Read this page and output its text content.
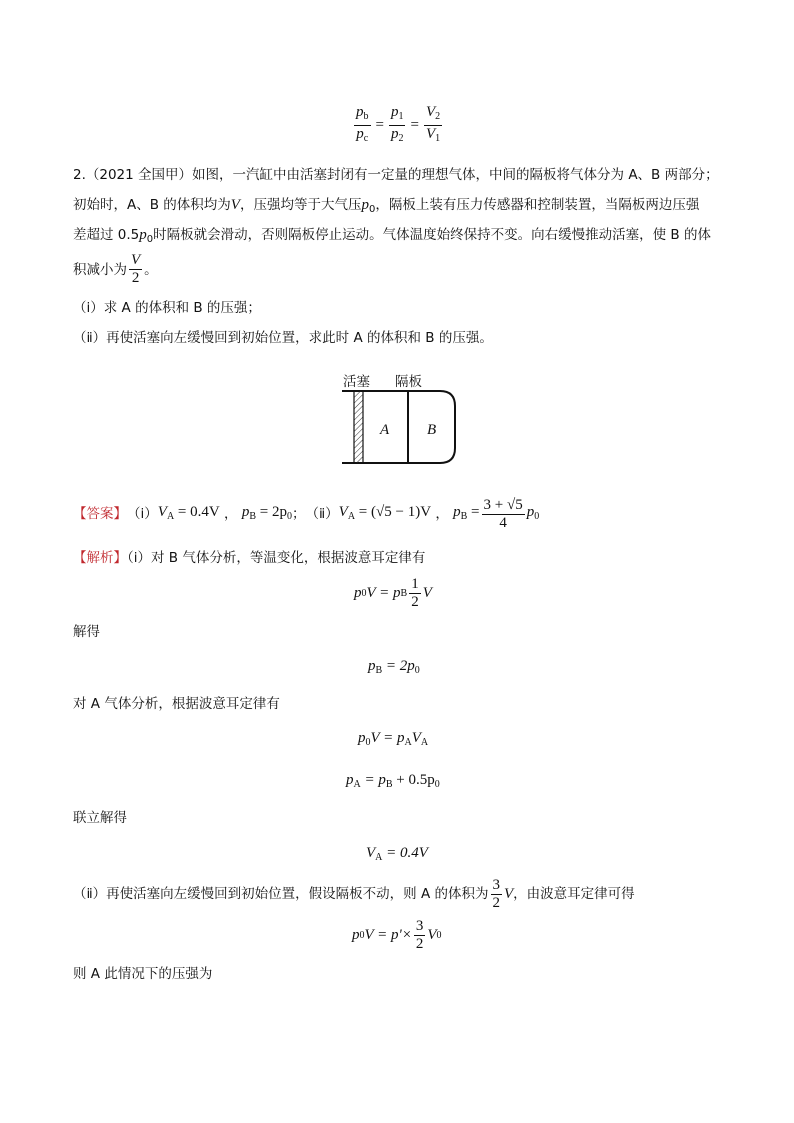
$\frac{p_b}{p_c} = \frac{p_1}{p_2} = \frac{V_2}{V_1}$
2.（2021 全国甲）如图，一汽缸中由活塞封闭有一定量的理想气体，中间的隔板将气体分为 A、B 两部分；
初始时，A、B 的体积均为V，压强均等于大气压$p_0$，隔板上装有压力传感器和控制装置，当隔板两边压强
差超过 $0.5p_0$时隔板就会滑动，否则隔板停止运动。气体温度始终保持不变。向右缓慢推动活塞，使 B 的体
积减小为 $\frac{V}{2}$ 。
（i）求 A 的体积和 B 的压强；
（ⅱ）再使活塞向左缓慢回到初始位置，求此时 A 的体积和 B 的压强。
活塞 隔板
A	B
【答案】 （i） $V_A = 0.4V$ ， $p_B = 2p_0$ ； （ⅱ） $V_A = (√5 - 1)V$ ， $p_B = \frac{3 + √5}{4} p_0$
【解析】（i）对 B 气体分析，等温变化，根据波意耳定律有
p 0 V = p B $\frac{1}{2}$ V
解得
$p_B = 2p_0$
对 A 气体分析，根据波意耳定律有
$p_0V = p_AV_A$
$p_A = p_B + 0.5p_0$
联立解得
$V_A = 0.4V$
（ⅱ）再使活塞向左缓慢回到初始位置，假设隔板不动，则 A 的体积为 $\frac{3}{2}$ V ，由波意耳定律可得
p 0 $V = p'\times \frac{3}{2}$ V 0
则 A 此情况下的压强为
